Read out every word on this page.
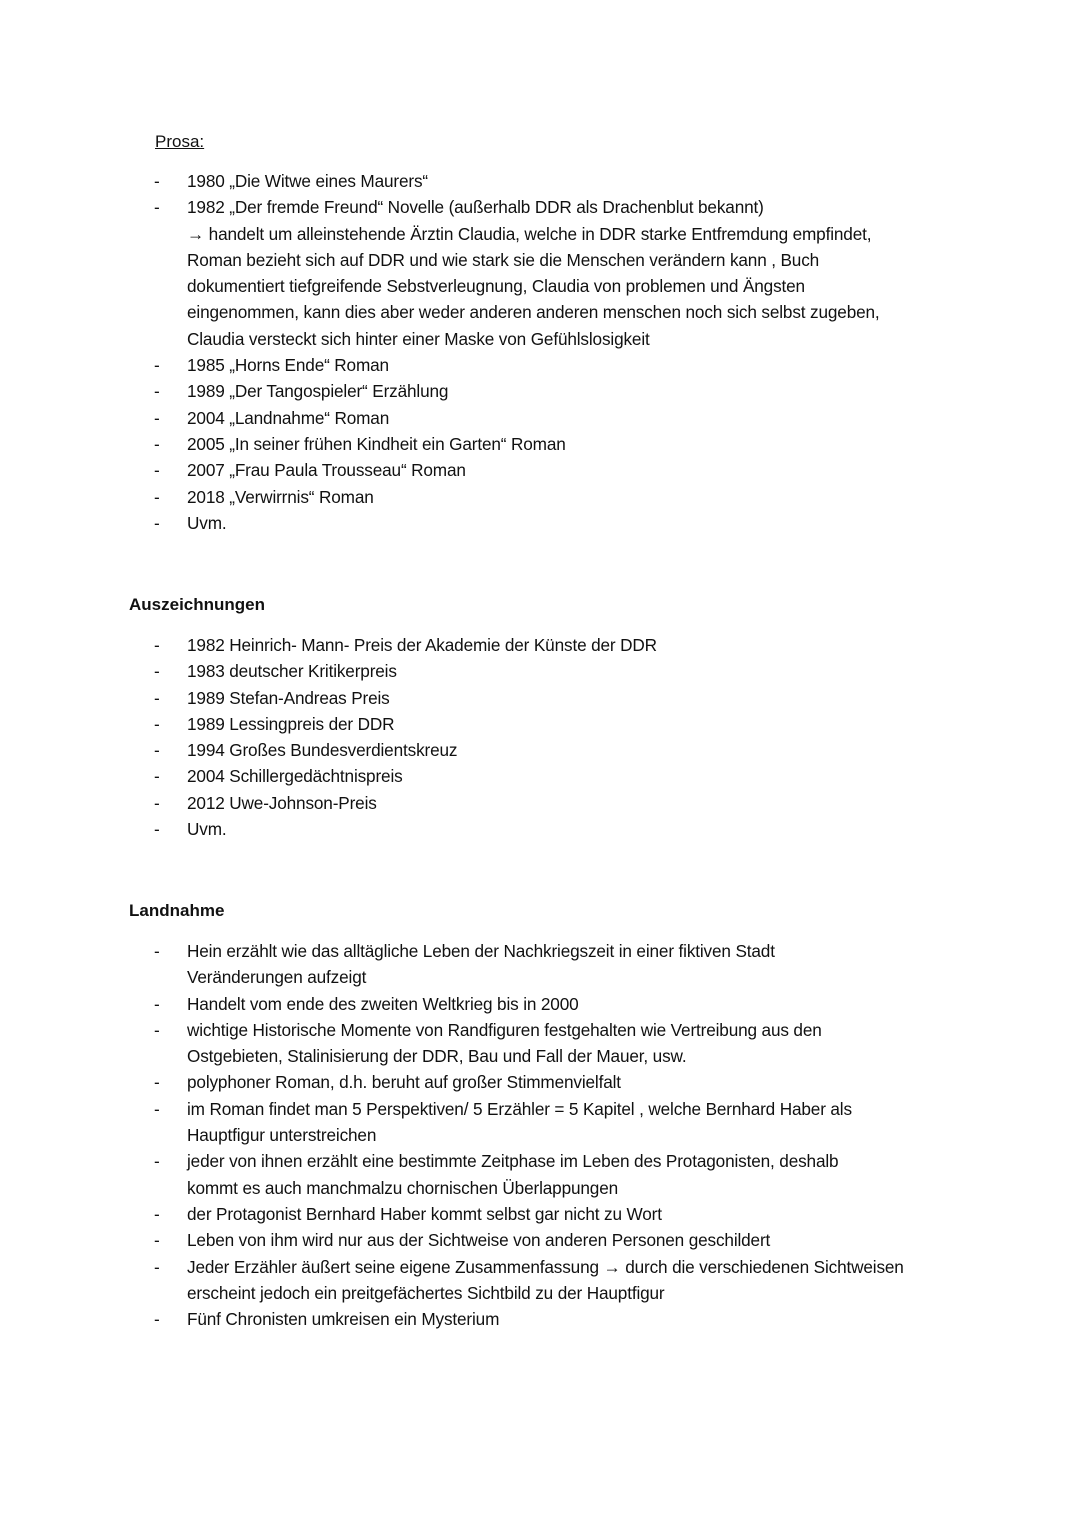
Prosa:
- 1980 „Die Witwe eines Maurers“
- 1982 „Der fremde Freund“ Novelle (außerhalb DDR als Drachenblut bekannt)
→ handelt um alleinstehende Ärztin Claudia, welche in DDR starke Entfremdung empfindet,
Roman bezieht sich auf DDR und wie stark sie die Menschen verändern kann , Buch
dokumentiert tiefgreifende Sebstverleugnung, Claudia von problemen und Ängsten
eingenommen, kann dies aber weder anderen anderen menschen noch sich selbst zugeben,
Claudia versteckt sich hinter einer Maske von Gefühlslosigkeit
- 1985 „Horns Ende“ Roman
- 1989 „Der Tangospieler“ Erzählung
- 2004 „Landnahme“ Roman
- 2005 „In seiner frühen Kindheit ein Garten“ Roman
- 2007 „Frau Paula Trousseau“ Roman
- 2018 „Verwirrnis“ Roman
- Uvm.
Auszeichnungen
- 1982 Heinrich- Mann- Preis der Akademie der Künste der DDR
- 1983 deutscher Kritikerpreis
- 1989 Stefan-Andreas Preis
- 1989 Lessingpreis der DDR
- 1994 Großes Bundesverdientskreuz
- 2004 Schillergedächtnispreis
- 2012 Uwe-Johnson-Preis
- Uvm.
Landnahme
- Hein erzählt wie das alltägliche Leben der Nachkriegszeit in einer fiktiven Stadt
Veränderungen aufzeigt
- Handelt vom ende des zweiten Weltkrieg bis in 2000
- wichtige Historische Momente von Randfiguren festgehalten wie Vertreibung aus den
Ostgebieten, Stalinisierung der DDR, Bau und Fall der Mauer, usw.
- polyphoner Roman, d.h. beruht auf großer Stimmenvielfalt
- im Roman findet man 5 Perspektiven/ 5 Erzähler = 5 Kapitel , welche Bernhard Haber als
Hauptfigur unterstreichen
- jeder von ihnen erzählt eine bestimmte Zeitphase im Leben des Protagonisten, deshalb
kommt es auch manchmalzu chornischen Überlappungen
- der Protagonist Bernhard Haber kommt selbst gar nicht zu Wort
- Leben von ihm wird nur aus der Sichtweise von anderen Personen geschildert
- Jeder Erzähler äußert seine eigene Zusammenfassung → durch die verschiedenen Sichtweisen
erscheint jedoch ein preitgefächertes Sichtbild zu der Hauptfigur
- Fünf Chronisten umkreisen ein Mysterium
